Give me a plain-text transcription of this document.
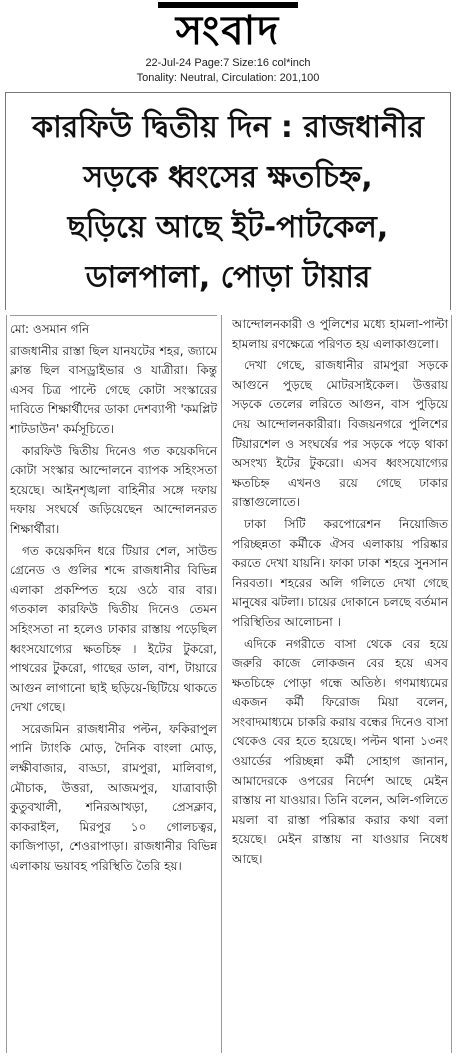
সংবাদ
22-Jul-24 Page:7 Size:16 col*inch
Tonality: Neutral, Circulation: 201,100
কারফিউ দ্বিতীয় দিন : রাজধানীর
সড়কে ধ্বংসের ক্ষতচিহ্ন,
ছড়িয়ে আছে ইট-পাটকেল,
ডালপালা, পোড়া টায়ার

মো: ওসমান গনি

রাজধানীর রাস্তা ছিল যানযটের শহর, জ্যামে ক্লান্ত ছিল বাসড্রাইভার ও যাত্রীরা। কিন্তু এসব চিত্র পাল্টে গেছে কোটা সংস্কারের দাবিতে শিক্ষার্থীদের ডাকা দেশব্যাপী 'কমপ্লিট শাটডাউন' কর্মসূচিতে।

কারফিউ দ্বিতীয় দিনেও গত কয়েকদিনে কোটা সংস্কার আন্দোলনে ব্যাপক সহিংসতা হয়েছে। আইনশৃঙ্খলা বাহিনীর সঙ্গে দফায় দফায় সংঘর্ষে জড়িয়েছেন আন্দোলনরত শিক্ষার্থীরা।

গত কয়েকদিন ধরে টিয়ার শেল, সাউন্ড গ্রেনেড ও গুলির শব্দে রাজধানীর বিভিন্ন এলাকা প্রকম্পিত হয়ে ওঠে বার বার। গতকাল কারফিউ দ্বিতীয় দিনেও তেমন সহিংসতা না হলেও ঢাকার রাস্তায় পড়েছিল ধ্বংসযোগ্যের ক্ষতচিহ্ন । ইটের টুকরো, পাথরের টুকরো, গাছের ডাল, বাশ, টায়ারে আগুন লাগানো ছাই ছড়িয়ে-ছিটিয়ে থাকতে দেখা গেছে।

সরেজমিন রাজধানীর পল্টন, ফকিরাপুল পানি ট্যাংকি মোড়, দৈনিক বাংলা মোড়, লক্ষীবাজার, বাড্ডা, রামপুরা, মালিবাগ, মৌচাক, উত্তরা, আজমপুর, যাত্রাবাড়ী কুতুবখালী, শনিরআখড়া, প্রেসক্লাব, কাকরাইল, মিরপুর ১০ গোলচত্বর, কাজিপাড়া, শেওরাপাড়া। রাজধানীর বিভিন্ন এলাকায় ভয়াবহ পরিস্থিতি তৈরি হয়।

আন্দোলনকারী ও পুলিশের মধ্যে হামলা-পাল্টা হামলায় রণক্ষেত্রে পরিণত হয় এলাকাগুলো।

দেখা গেছে, রাজধানীর রামপুরা সড়কে আগুনে পুড়ছে মোটরসাইকেল। উত্তরায় সড়কে তেলের লরিতে আগুন, বাস পুড়িয়ে দেয় আন্দোলনকারীরা। বিজয়নগরে পুলিশের টিয়ারশেল ও সংঘর্ষের পর সড়কে পড়ে থাকা অসংখ্য ইটের টুকরো। এসব ধ্বংসযোগ্যের ক্ষতচিহ্ন এখনও রয়ে গেছে ঢাকার রাস্তাগুলোতে।

ঢাকা সিটি করপোরেশন নিয়োজিত পরিচ্ছন্নতা কর্মীকে ঐসব এলাকায় পরিষ্কার করতে দেখা যায়নি। ফাকা ঢাকা শহরে সুনসান নিরবতা। শহরের অলি গলিতে দেখা গেছে মানুষের ঝটলা। চায়ের দোকানে চলছে বর্তমান পরিস্থিতির আলোচনা ।

এদিকে নগরীতে বাসা থেকে বের হয়ে জরুরি কাজে লোকজন বের হয়ে এসব ক্ষতচিহ্নে পোড়া গন্ধে অতিষ্ঠ। গণমাধ্যমের একজন কর্মী ফিরোজ মিয়া বলেন, সংবাদমাধ্যমে চাকরি করায় বন্ধের দিনেও বাসা থেকেও বের হতে হয়েছে। পল্টন থানা ১৩নং ওয়ার্ডের পরিচ্ছন্না কর্মী সোহাগ জানান, আমাদেরকে ওপরের নির্দেশ আছে মেইন রাস্তায় না যাওয়ার। তিনি বলেন, অলি-গলিতে ময়লা বা রাস্তা পরিষ্কার করার কথা বলা হয়েছে। মেইন রাস্তায় না যাওয়ার নিষেধ আছে।
